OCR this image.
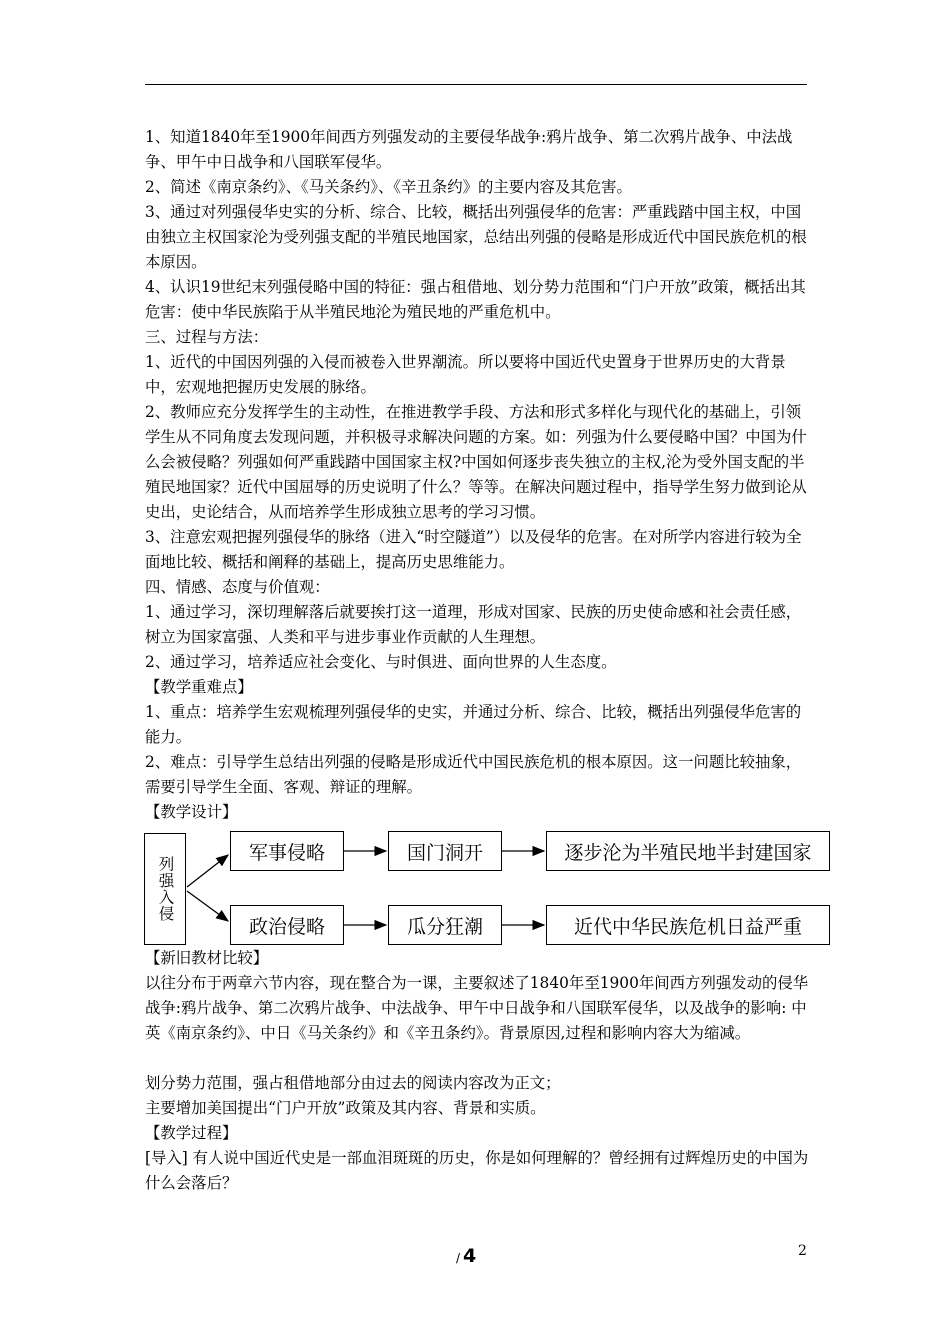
1、知道1840年至1900年间西方列强发动的主要侵华战争:鸦片战争、第二次鸦片战争、中法战争、甲午中日战争和八国联军侵华。

2、简述《南京条约》、《马关条约》、《辛丑条约》的主要内容及其危害。

3、通过对列强侵华史实的分析、综合、比较，概括出列强侵华的危害：严重践踏中国主权，中国由独立主权国家沦为受列强支配的半殖民地国家，总结出列强的侵略是形成近代中国民族危机的根本原因。

4、认识19世纪末列强侵略中国的特征：强占租借地、划分势力范围和“门户开放”政策，概括出其危害：使中华民族陷于从半殖民地沦为殖民地的严重危机中。

三、过程与方法：

1、近代的中国因列强的入侵而被卷入世界潮流。所以要将中国近代史置身于世界历史的大背景中，宏观地把握历史发展的脉络。

2、教师应充分发挥学生的主动性，在推进教学手段、方法和形式多样化与现代化的基础上，引领学生从不同角度去发现问题，并积极寻求解决问题的方案。如：列强为什么要侵略中国？中国为什么会被侵略？列强如何严重践踏中国国家主权?中国如何逐步丧失独立的主权,沦为受外国支配的半殖民地国家？近代中国屈辱的历史说明了什么？等等。在解决问题过程中，指导学生努力做到论从史出，史论结合，从而培养学生形成独立思考的学习习惯。

3、注意宏观把握列强侵华的脉络（进入“时空隧道”）以及侵华的危害。在对所学内容进行较为全面地比较、概括和阐释的基础上，提高历史思维能力。

四、情感、态度与价值观：

1、通过学习，深切理解落后就要挨打这一道理，形成对国家、民族的历史使命感和社会责任感，树立为国家富强、人类和平与进步事业作贡献的人生理想。

2、通过学习，培养适应社会变化、与时俱进、面向世界的人生态度。

【教学重难点】

1、重点：培养学生宏观梳理列强侵华的史实，并通过分析、综合、比较，概括出列强侵华危害的能力。

2、难点：引导学生总结出列强的侵略是形成近代中国民族危机的根本原因。这一问题比较抽象，需要引导学生全面、客观、辩证的理解。

【教学设计】

列强入侵
军事侵略	国门洞开	逐步沦为半殖民地半封建国家
政治侵略	瓜分狂潮	近代中华民族危机日益严重

【新旧教材比较】

以往分布于两章六节内容，现在整合为一课，主要叙述了1840年至1900年间西方列强发动的侵华战争:鸦片战争、第二次鸦片战争、中法战争、甲午中日战争和八国联军侵华，以及战争的影响: 中英《南京条约》、中日《马关条约》和《辛丑条约》。背景原因,过程和影响内容大为缩减。

划分势力范围，强占租借地部分由过去的阅读内容改为正文；

主要增加美国提出“门户开放”政策及其内容、背景和实质。

【教学过程】

[导入] 有人说中国近代史是一部血泪斑斑的历史，你是如何理解的？曾经拥有过辉煌历史的中国为什么会落后？

/ 4	2
